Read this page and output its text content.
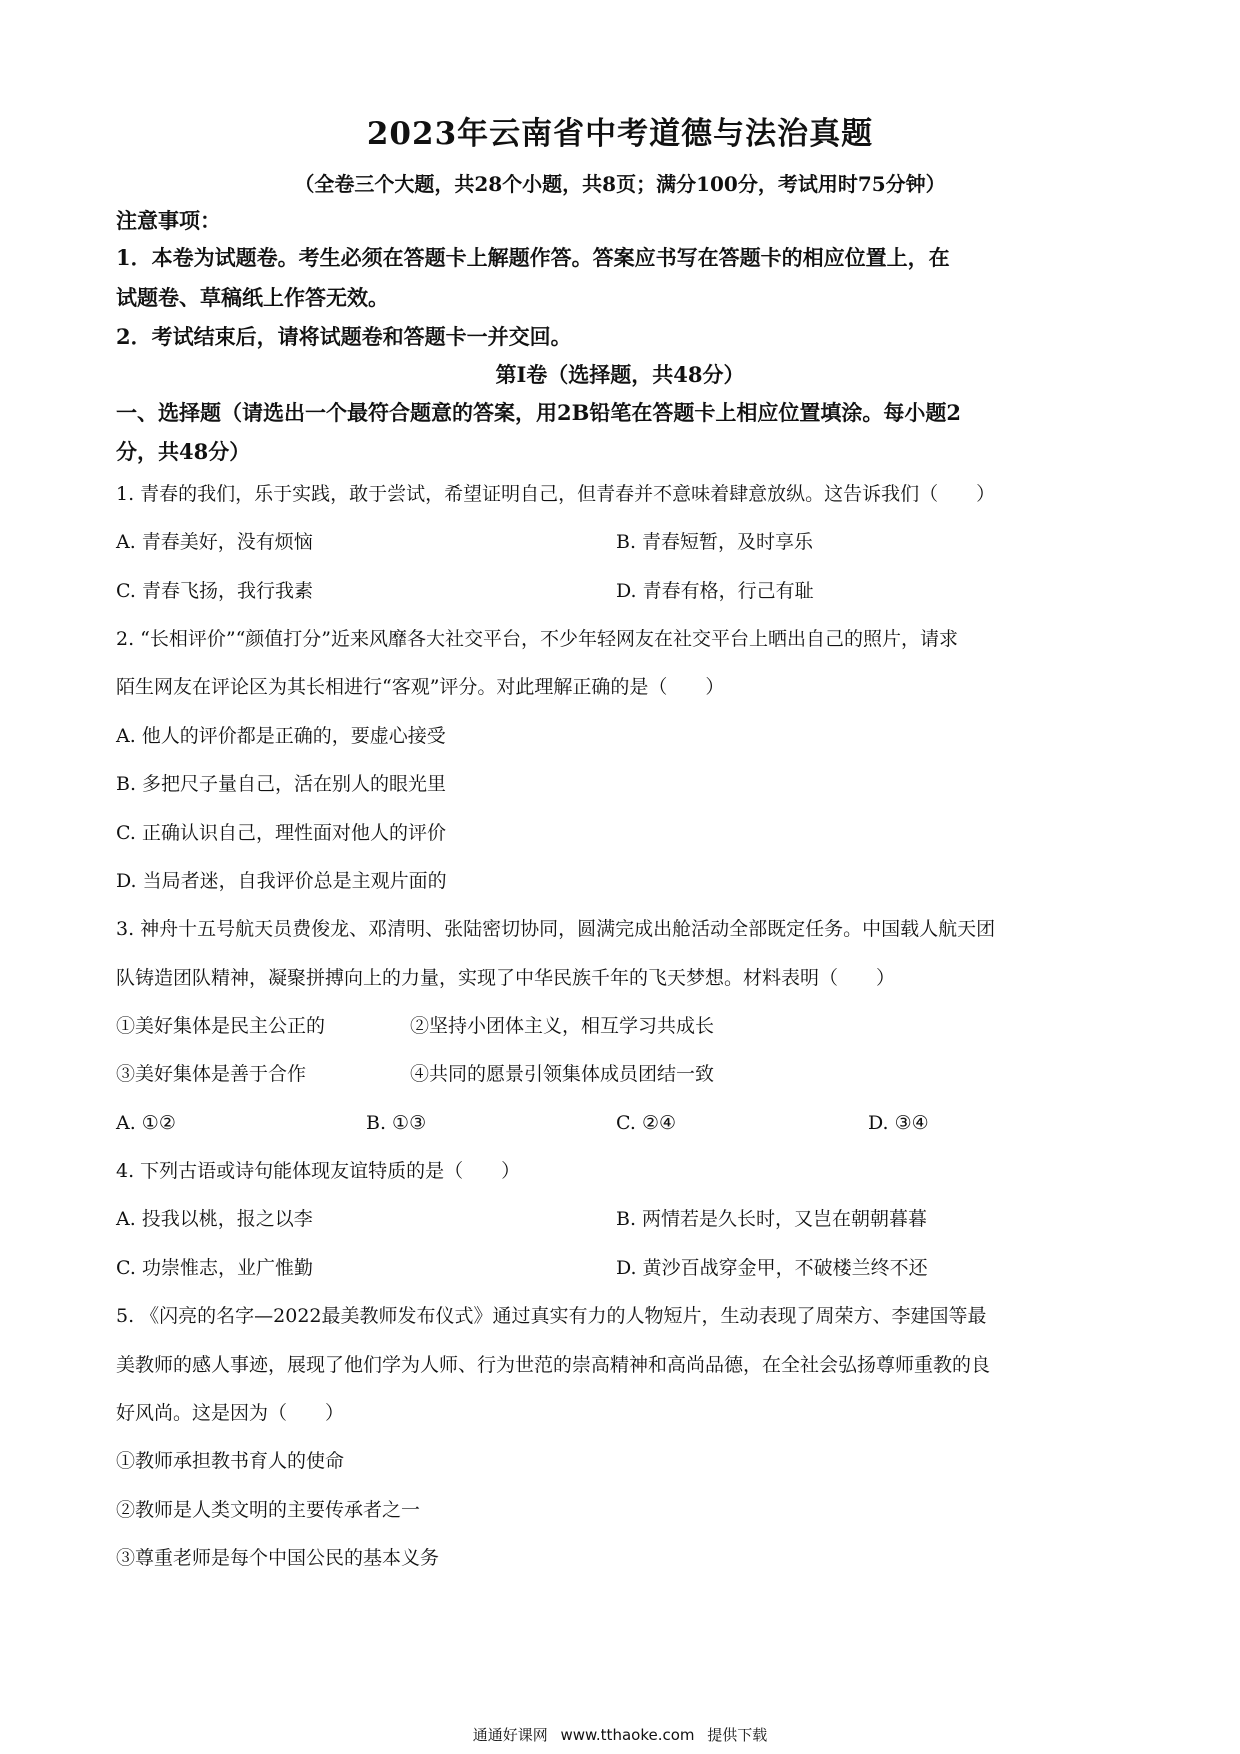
2023年云南省中考道德与法治真题
（全卷三个大题，共28个小题，共8页；满分100分，考试用时75分钟）
注意事项：
1．本卷为试题卷。考生必须在答题卡上解题作答。答案应书写在答题卡的相应位置上，在
试题卷、草稿纸上作答无效。
2．考试结束后，请将试题卷和答题卡一并交回。
第I卷（选择题，共48分）
一、选择题（请选出一个最符合题意的答案，用2B铅笔在答题卡上相应位置填涂。每小题2
分，共48分）
1. 青春的我们，乐于实践，敢于尝试，希望证明自己，但青春并不意味着肆意放纵。这告诉我们（　　）
A. 青春美好，没有烦恼	B. 青春短暂，及时享乐
C. 青春飞扬，我行我素	D. 青春有格，行己有耻
2. “长相评价”“颜值打分”近来风靡各大社交平台，不少年轻网友在社交平台上晒出自己的照片，请求
陌生网友在评论区为其长相进行“客观”评分。对此理解正确的是（　　）
A. 他人的评价都是正确的，要虚心接受
B. 多把尺子量自己，活在别人的眼光里
C. 正确认识自己，理性面对他人的评价
D. 当局者迷，自我评价总是主观片面的
3. 神舟十五号航天员费俊龙、邓清明、张陆密切协同，圆满完成出舱活动全部既定任务。中国载人航天团
队铸造团队精神，凝聚拼搏向上的力量，实现了中华民族千年的飞天梦想。材料表明（　　）
①美好集体是民主公正的	②坚持小团体主义，相互学习共成长
③美好集体是善于合作	④共同的愿景引领集体成员团结一致
A. ①②	B. ①③	C. ②④	D. ③④
4. 下列古语或诗句能体现友谊特质的是（　　）
A. 投我以桃，报之以李	B. 两情若是久长时，又岂在朝朝暮暮
C. 功崇惟志，业广惟勤	D. 黄沙百战穿金甲，不破楼兰终不还
5. 《闪亮的名字—2022最美教师发布仪式》通过真实有力的人物短片，生动表现了周荣方、李建国等最
美教师的感人事迹，展现了他们学为人师、行为世范的崇高精神和高尚品德，在全社会弘扬尊师重教的良
好风尚。这是因为（　　）
①教师承担教书育人的使命
②教师是人类文明的主要传承者之一
③尊重老师是每个中国公民的基本义务
通通好课网 www.tthaoke.com 提供下载
